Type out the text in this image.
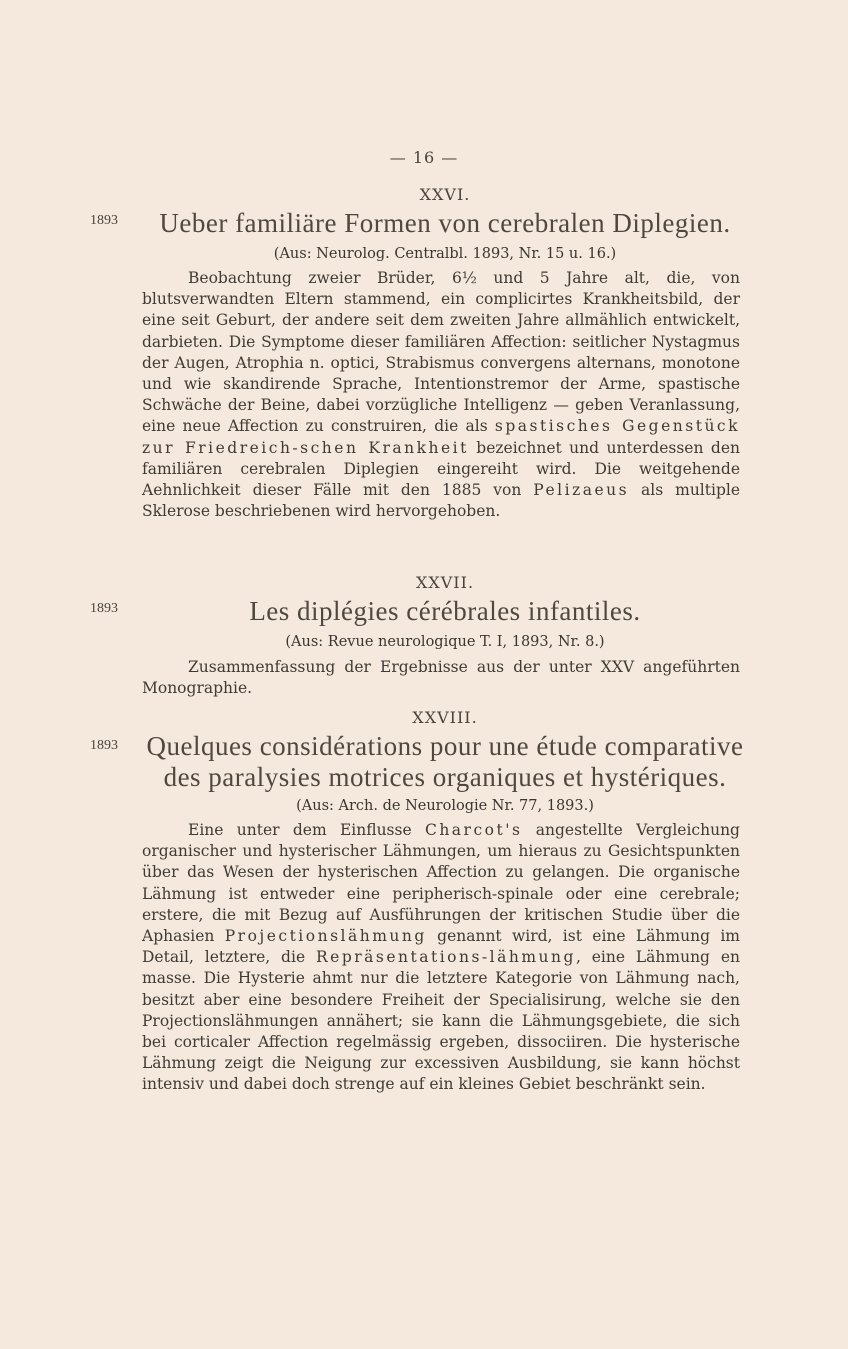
— 16 —
1893
XXVI.
Ueber familiäre Formen von cerebralen Diplegien.
(Aus: Neurolog. Centralbl. 1893, Nr. 15 u. 16.)

Beobachtung zweier Brüder, 6½ und 5 Jahre alt, die, von blutsverwandten Eltern stammend, ein complicirtes Krankheitsbild, der eine seit Geburt, der andere seit dem zweiten Jahre allmählich entwickelt, darbieten. Die Symptome dieser familiären Affection: seitlicher Nystagmus der Augen, Atrophia n. optici, Strabismus convergens alternans, monotone und wie skandirende Sprache, Intentionstremor der Arme, spastische Schwäche der Beine, dabei vorzügliche Intelligenz — geben Veranlassung, eine neue Affection zu construiren, die als spastisches Gegenstück zur Friedreich-schen Krankheit bezeichnet und unterdessen den familiären cerebralen Diplegien eingereiht wird. Die weitgehende Aehnlichkeit dieser Fälle mit den 1885 von Pelizaeus als multiple Sklerose beschriebenen wird hervorgehoben.

1893
XXVII.
Les diplégies cérébrales infantiles.
(Aus: Revue neurologique T. I, 1893, Nr. 8.)

Zusammenfassung der Ergebnisse aus der unter XXV angeführten Monographie.

1893
XXVIII.
Quelques considérations pour une étude comparative
des paralysies motrices organiques et hystériques.
(Aus: Arch. de Neurologie Nr. 77, 1893.)

Eine unter dem Einflusse Charcot's angestellte Vergleichung organischer und hysterischer Lähmungen, um hieraus zu Gesichtspunkten über das Wesen der hysterischen Affection zu gelangen. Die organische Lähmung ist entweder eine peripherisch-spinale oder eine cerebrale; erstere, die mit Bezug auf Ausführungen der kritischen Studie über die Aphasien Projectionslähmung genannt wird, ist eine Lähmung im Detail, letztere, die Repräsentations-lähmung, eine Lähmung en masse. Die Hysterie ahmt nur die letztere Kategorie von Lähmung nach, besitzt aber eine besondere Freiheit der Specialisirung, welche sie den Projectionslähmungen annähert; sie kann die Lähmungsgebiete, die sich bei corticaler Affection regelmässig ergeben, dissociiren. Die hysterische Lähmung zeigt die Neigung zur excessiven Ausbildung, sie kann höchst intensiv und dabei doch strenge auf ein kleines Gebiet beschränkt sein.
